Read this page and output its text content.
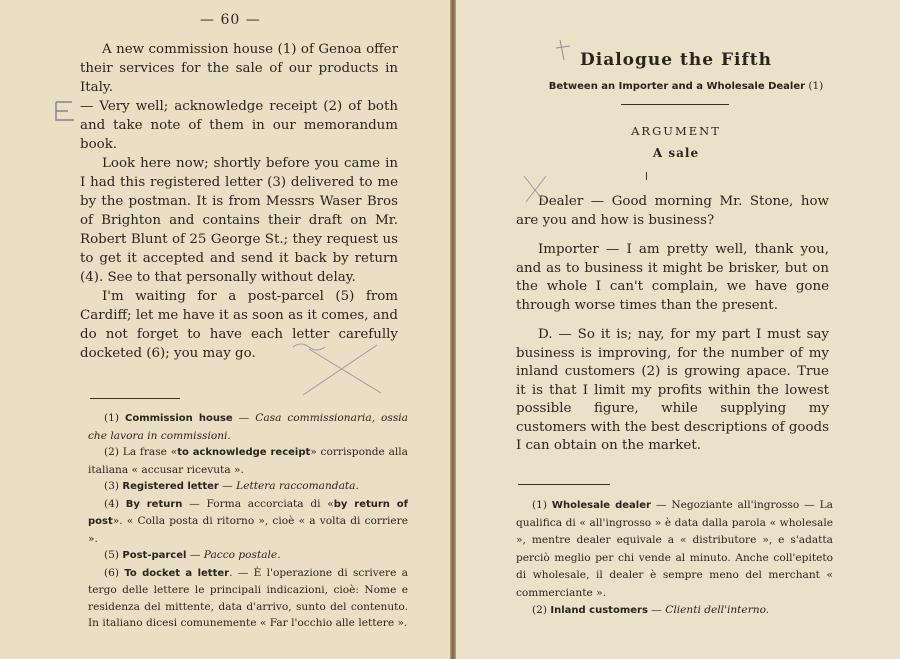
— 60 —

A new commission house (1) of Genoa offer their services for the sale of our products in Italy.

— Very well; acknowledge receipt (2) of both and take note of them in our memorandum book.

Look here now; shortly before you came in I had this registered letter (3) delivered to me by the postman. It is from Messrs Waser Bros of Brighton and contains their draft on Mr. Robert Blunt of 25 George St.; they request us to get it accepted and send it back by return (4). See to that personally without delay.

I'm waiting for a post-parcel (5) from Cardiff; let me have it as soon as it comes, and do not forget to have each letter carefully docketed (6); you may go.

(1) Commission house — Casa commissionaria, ossia che lavora in commissioni.

(2) La frase «to acknowledge receipt» corrisponde alla italiana « accusar ricevuta ».

(3) Registered letter — Lettera raccomandata.

(4) By return — Forma accorciata di «by return of post». « Colla posta di ritorno », cioè « a volta di corriere ».

(5) Post-parcel — Pacco postale.

(6) To docket a letter. — È l'operazione di scrivere a tergo delle lettere le principali indicazioni, cioè: Nome e residenza del mittente, data d'arrivo, sunto del contenuto. In italiano dicesi comunemente « Far l'occhio alle lettere ».

Dialogue the Fifth
Between an Importer and a Wholesale Dealer (1)
ARGUMENT
A sale

Dealer — Good morning Mr. Stone, how are you and how is business?

Importer — I am pretty well, thank you, and as to business it might be brisker, but on the whole I can't complain, we have gone through worse times than the present.

D. — So it is; nay, for my part I must say business is improving, for the number of my inland customers (2) is growing apace. True it is that I limit my profits within the lowest possible figure, while supplying my customers with the best descriptions of goods I can obtain on the market.

(1) Wholesale dealer — Negoziante all'ingrosso — La qualifica di « all'ingrosso » è data dalla parola « wholesale », mentre dealer equivale a « distributore », e s'adatta perciò meglio per chi vende al minuto. Anche coll'epiteto di wholesale, il dealer è sempre meno del merchant « commerciante ».

(2) Inland customers — Clienti dell'interno.
